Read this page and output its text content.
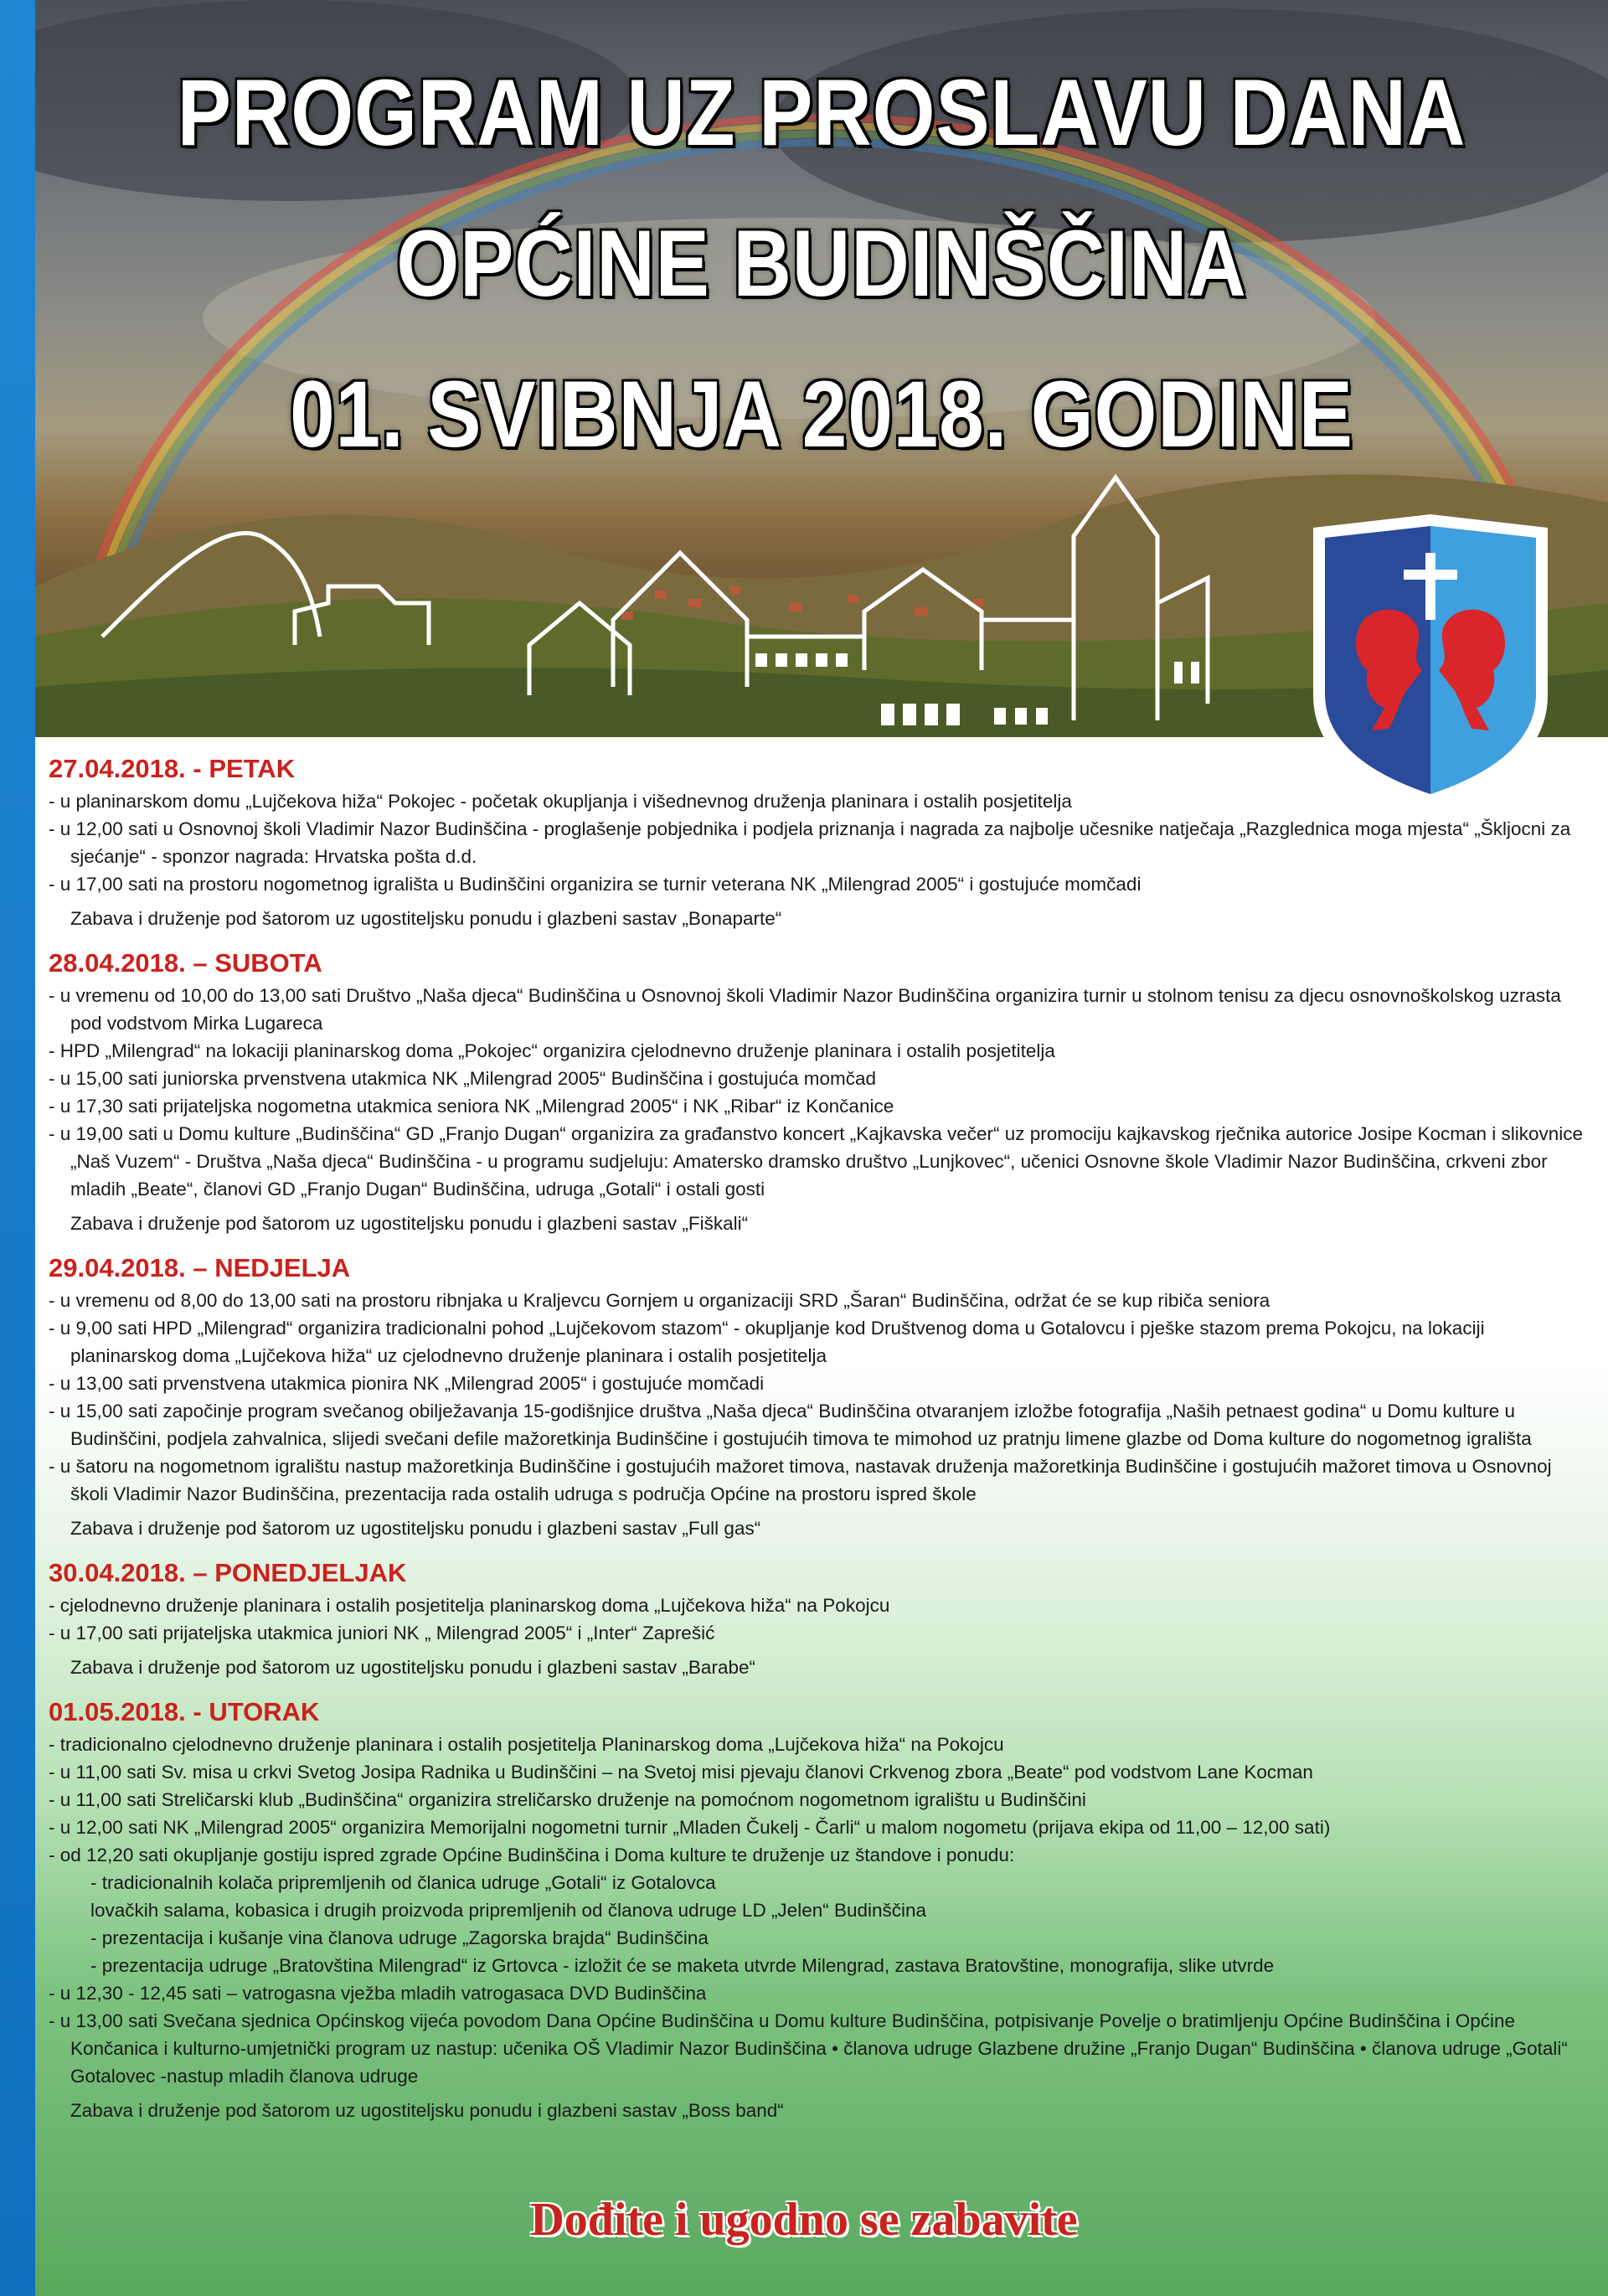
PROGRAM UZ PROSLAVU DANA
OPĆINE BUDINŠČINA
01. SVIBNJA 2018. GODINE
27.04.2018. - PETAK
- u planinarskom domu „Lujčekova hiža“ Pokojec - početak okupljanja i višednevnog druženja planinara i ostalih posjetitelja
- u 12,00 sati u Osnovnoj školi Vladimir Nazor Budinščina - proglašenje pobjednika i podjela priznanja i nagrada za najbolje učesnike natječaja „Razglednica moga mjesta“ „Šklјocni za sjećanje“ - sponzor nagrada: Hrvatska pošta d.d.
- u 17,00 sati na prostoru nogometnog igrališta u Budinščini organizira se turnir veterana NK „Milengrad 2005“ i gostujuće momčadi
Zabava i druženje pod šatorom uz ugostiteljsku ponudu i glazbeni sastav „Bonaparte“
28.04.2018. – SUBOTA
- u vremenu od 10,00 do 13,00 sati Društvo „Naša djeca“ Budinščina u Osnovnoj školi Vladimir Nazor Budinščina organizira turnir u stolnom tenisu za djecu osnovnoškolskog uzrasta pod vodstvom Mirka Lugareca
- HPD „Milengrad“ na lokaciji planinarskog doma „Pokojec“ organizira cjelodnevno druženje planinara i ostalih posjetitelja
- u 15,00 sati juniorska prvenstvena utakmica NK „Milengrad 2005“ Budinščina i gostujuća momčad
- u 17,30 sati prijateljska nogometna utakmica seniora NK „Milengrad 2005“ i NK „Ribar“ iz Končanice
- u 19,00 sati u Domu kulture „Budinščina“ GD „Franjo Dugan“ organizira za građanstvo koncert „Kajkavska večer“ uz promociju kajkavskog rječnika autorice Josipe Kocman i slikovnice „Naš Vuzem“ - Društva „Naša djeca“ Budinščina - u programu sudjeluju: Amatersko dramsko društvo „Lunjkovec“, učenici Osnovne škole Vladimir Nazor Budinščina, crkveni zbor mladih „Beate“, članovi GD „Franjo Dugan“ Budinščina, udruga „Gotali“ i ostali gosti
Zabava i druženje pod šatorom uz ugostiteljsku ponudu i glazbeni sastav „Fiškali“
29.04.2018. – NEDJELJA
- u vremenu od 8,00 do 13,00 sati na prostoru ribnjaka u Kraljevcu Gornjem u organizaciji SRD „Šaran“ Budinščina, održat će se kup ribiča seniora
- u 9,00 sati HPD „Milengrad“ organizira tradicionalni pohod „Lujčekovom stazom“ - okupljanje kod Društvenog doma u Gotalovcu i pješke stazom prema Pokojcu, na lokaciji planinarskog doma „Lujčekova hiža“ uz cjelodnevno druženje planinara i ostalih posjetitelja
- u 13,00 sati prvenstvena utakmica pionira NK „Milengrad 2005“ i gostujuće momčadi
- u 15,00 sati započinje program svečanog obilježavanja 15-godišnjice društva „Naša djeca“ Budinščina otvaranjem izložbe fotografija „Naših petnaest godina“ u Domu kulture u Budinščini, podjela zahvalnica, slijedi svečani defile mažoretkinja Budinščine i gostujućih timova te mimohod uz pratnju limene glazbe od Doma kulture do nogometnog igrališta
- u šatoru na nogometnom igralištu nastup mažoretkinja Budinščine i gostujućih mažoret timova, nastavak druženja mažoretkinja Budinščine i gostujućih mažoret timova u Osnovnoj školi Vladimir Nazor Budinščina, prezentacija rada ostalih udruga s područja Općine na prostoru ispred škole
Zabava i druženje pod šatorom uz ugostiteljsku ponudu i glazbeni sastav „Full gas“
30.04.2018. – PONEDJELJAK
- cjelodnevno druženje planinara i ostalih posjetitelja planinarskog doma „Lujčekova hiža“ na Pokojcu
- u 17,00 sati prijateljska utakmica juniori NK „ Milengrad 2005“ i „Inter“ Zaprešić
Zabava i druženje pod šatorom uz ugostiteljsku ponudu i glazbeni sastav „Barabe“
01.05.2018. - UTORAK
- tradicionalno cjelodnevno druženje planinara i ostalih posjetitelja Planinarskog doma „Lujčekova hiža“ na Pokojcu
- u 11,00 sati Sv. misa u crkvi Svetog Josipa Radnika u Budinščini – na Svetoj misi pjevaju članovi Crkvenog zbora „Beate“ pod vodstvom Lane Kocman
- u 11,00 sati Streličarski klub „Budinščina“ organizira streličarsko druženje na pomoćnom nogometnom igralištu u Budinščini
- u 12,00 sati NK „Milengrad 2005“ organizira Memorijalni nogometni turnir „Mladen Čukelj - Čarli“ u malom nogometu (prijava ekipa od 11,00 – 12,00 sati)
- od 12,20 sati okupljanje gostiju ispred zgrade Općine Budinščina i Doma kulture te druženje uz štandove i ponudu:
- tradicionalnih kolača pripremljenih od članica udruge „Gotali“ iz Gotalovca
lovačkih salama, kobasica i drugih proizvoda pripremljenih od članova udruge LD „Jelen“ Budinščina
- prezentacija i kušanje vina članova udruge „Zagorska brajda“ Budinščina
- prezentacija udruge „Bratovština Milengrad“ iz Grtovca - izložit će se maketa utvrde Milengrad, zastava Bratovštine, monografija, slike utvrde
- u 12,30 - 12,45 sati – vatrogasna vježba mladih vatrogasaca DVD Budinščina
- u 13,00 sati Svečana sjednica Općinskog vijeća povodom Dana Općine Budinščina u Domu kulture Budinščina, potpisivanje Povelje o bratimljenju Općine Budinščina i Općine Končanica i kulturno-umjetnički program uz nastup: učenika OŠ Vladimir Nazor Budinščina • članova udruge Glazbene družine „Franjo Dugan“ Budinščina • članova udruge „Gotali“ Gotalovec -nastup mladih članova udruge
Zabava i druženje pod šatorom uz ugostiteljsku ponudu i glazbeni sastav „Boss band“
Dođite i ugodno se zabavite
